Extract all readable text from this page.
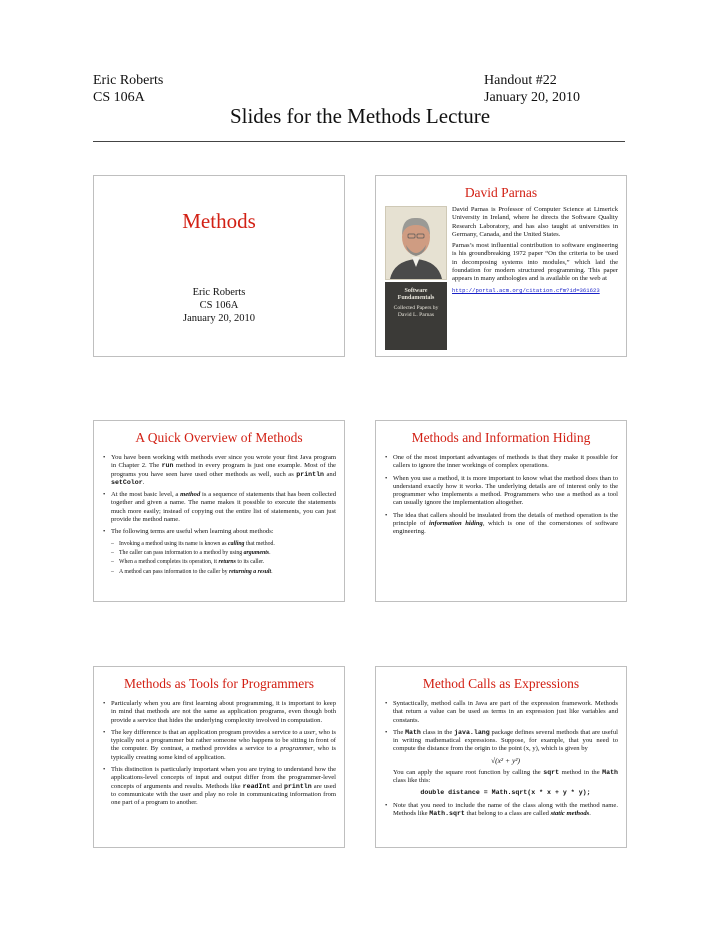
Eric Roberts
CS 106A
Handout #22
January 20, 2010
Slides for the Methods Lecture
Methods
Eric Roberts
CS 106A
January 20, 2010
David Parnas
Software Fundamentals
Collected Papers by
David L. Parnas

David Parnas is Professor of Computer Science at Limerick University in Ireland, where he directs the Software Quality Research Laboratory, and has also taught at universities in Germany, Canada, and the United States.

Parnas’s most influential contribution to software engineering is his groundbreaking 1972 paper “On the criteria to be used in decomposing systems into modules,” which laid the foundation for modern structured programming. This paper appears in many anthologies and is available on the web at

http://portal.acm.org/citation.cfm?id=361623

A Quick Overview of Methods
• You have been working with methods ever since you wrote your first Java program in Chapter 2. The run method in every program is just one example. Most of the programs you have seen have used other methods as well, such as println and setColor.
• At the most basic level, a method is a sequence of statements that has been collected together and given a name. The name makes it possible to execute the statements much more easily; instead of copying out the entire list of statements, you can just provide the method name.
• The following terms are useful when learning about methods:
– Invoking a method using its name is known as calling that method.
– The caller can pass information to a method by using arguments.
– When a method completes its operation, it returns to its caller.
– A method can pass information to the caller by returning a result.
Methods and Information Hiding
• One of the most important advantages of methods is that they make it possible for callers to ignore the inner workings of complex operations.
• When you use a method, it is more important to know what the method does than to understand exactly how it works. The underlying details are of interest only to the programmer who implements a method. Programmers who use a method as a tool can usually ignore the implementation altogether.
• The idea that callers should be insulated from the details of method operation is the principle of information hiding, which is one of the cornerstones of software engineering.
Methods as Tools for Programmers
• Particularly when you are first learning about programming, it is important to keep in mind that methods are not the same as application programs, even though both provide a service that hides the underlying complexity involved in computation.
• The key difference is that an application program provides a service to a user, who is typically not a programmer but rather someone who happens to be sitting in front of the computer. By contrast, a method provides a service to a programmer, who is typically creating some kind of application.
• This distinction is particularly important when you are trying to understand how the applications-level concepts of input and output differ from the programmer-level concepts of arguments and results. Methods like readInt and println are used to communicate with the user and play no role in communicating information from one part of a program to another.
Method Calls as Expressions
• Syntactically, method calls in Java are part of the expression framework. Methods that return a value can be used as terms in an expression just like variables and constants.
• The Math class in the java.lang package defines several methods that are useful in writing mathematical expressions. Suppose, for example, that you need to compute the distance from the origin to the point (x, y), which is given by
√(x² + y²)
You can apply the square root function by calling the sqrt method in the Math class like this:
double distance = Math.sqrt(x * x + y * y);
• Note that you need to include the name of the class along with the method name. Methods like Math.sqrt that belong to a class are called static methods.
